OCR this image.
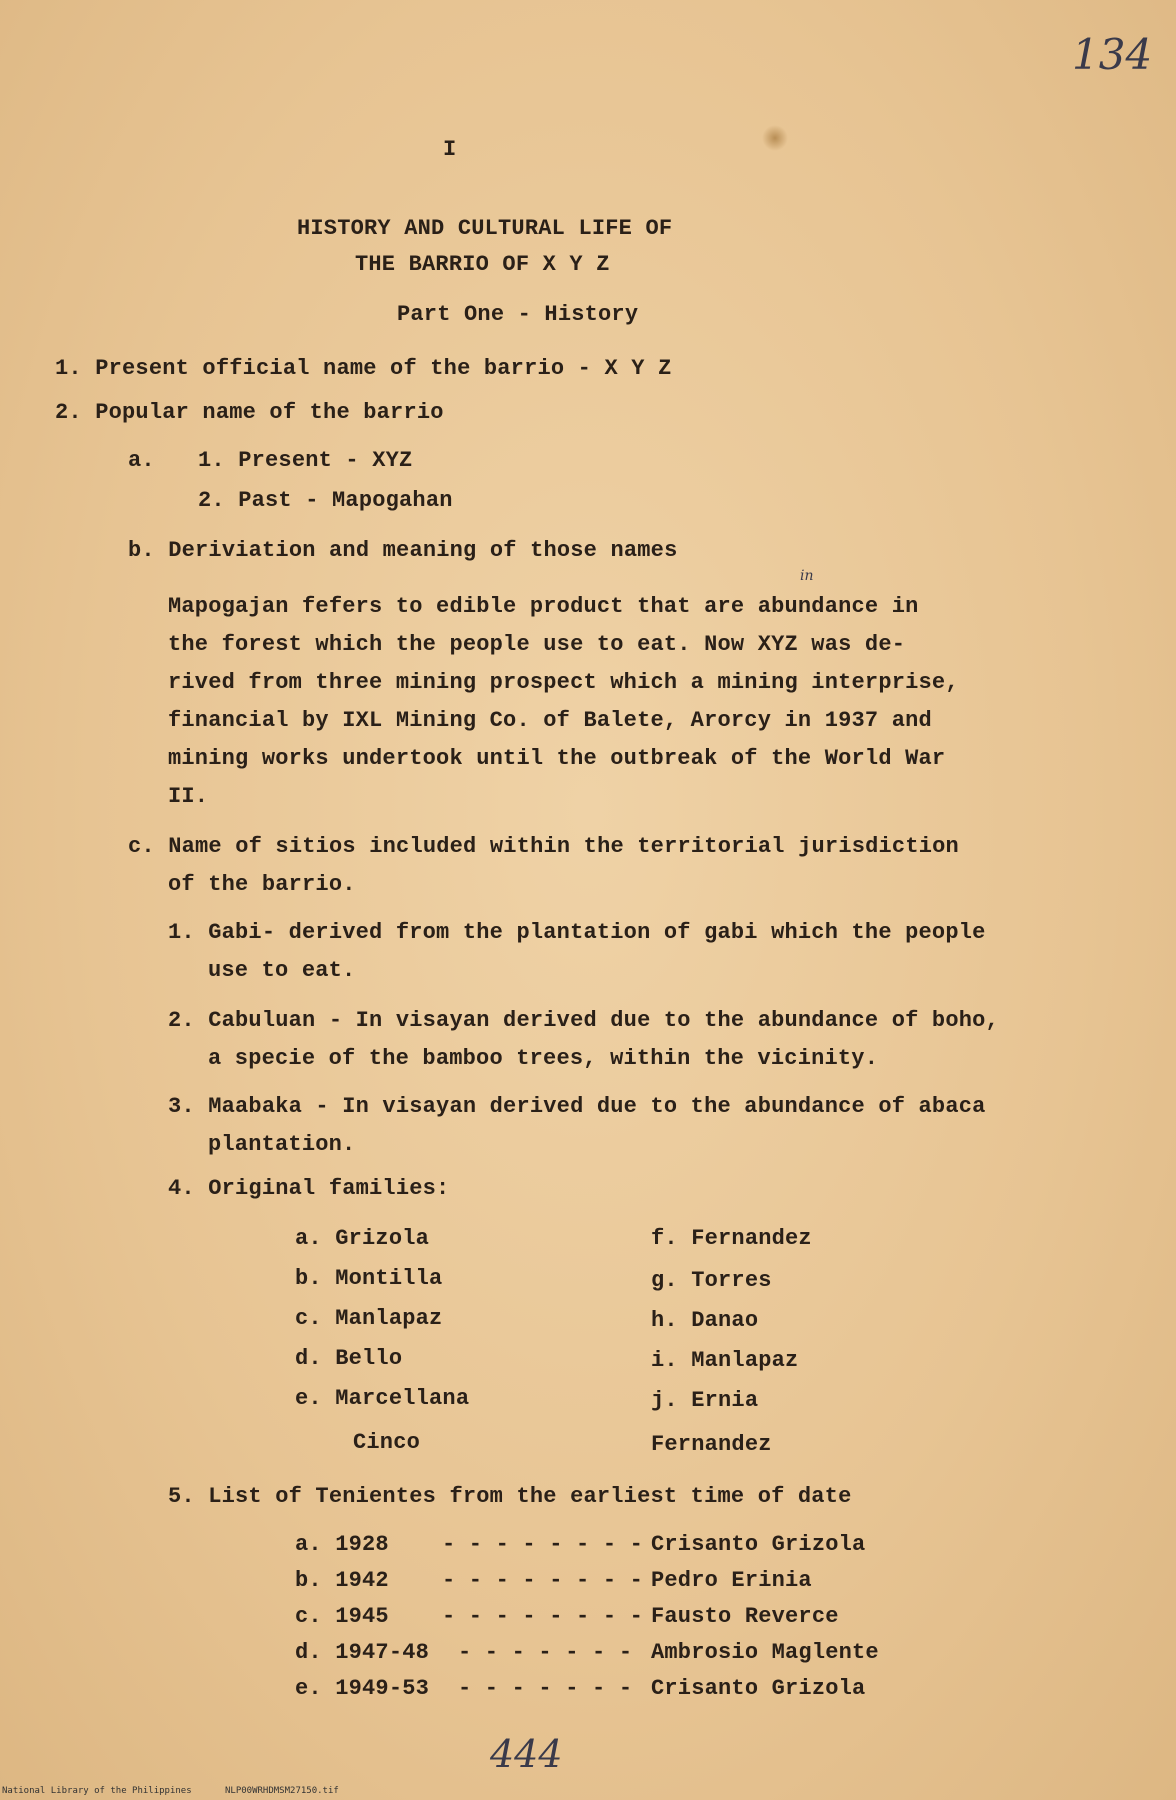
134
I
HISTORY AND CULTURAL LIFE OF
THE BARRIO OF X Y Z
Part One - History
1. Present official name of the barrio - X Y Z
2. Popular name of the barrio
a. 1. Present - XYZ
2. Past - Mapogahan
b. Deriviation and meaning of those names
in
Mapogajan fefers to edible product that are abundance in
the forest which the people use to eat. Now XYZ was de-
rived from three mining prospect which a mining interprise,
financial by IXL Mining Co. of Balete, Arorcy in 1937 and
mining works undertook until the outbreak of the World War
II.
c. Name of sitios included within the territorial jurisdiction
of the barrio.
1. Gabi- derived from the plantation of gabi which the people
use to eat.
2. Cabuluan - In visayan derived due to the abundance of boho,
a specie of the bamboo trees, within the vicinity.
3. Maabaka - In visayan derived due to the abundance of abaca
plantation.
4. Original families:
a. Grizola
b. Montilla
c. Manlapaz
d. Bello
e. Marcellana
Cinco
f. Fernandez
g. Torres
h. Danao
i. Manlapaz
j. Ernia
Fernandez
5. List of Tenientes from the earliest time of date
a. 1928 - - - - - - - - Crisanto Grizola
b. 1942 - - - - - - - - Pedro Erinia
c. 1945 - - - - - - - - Fausto Reverce
d. 1947-48 - - - - - - - Ambrosio Maglente
e. 1949-53 - - - - - - - Crisanto Grizola
444
National Library of the Philippines	NLP00WRHDMSM27150.tif
